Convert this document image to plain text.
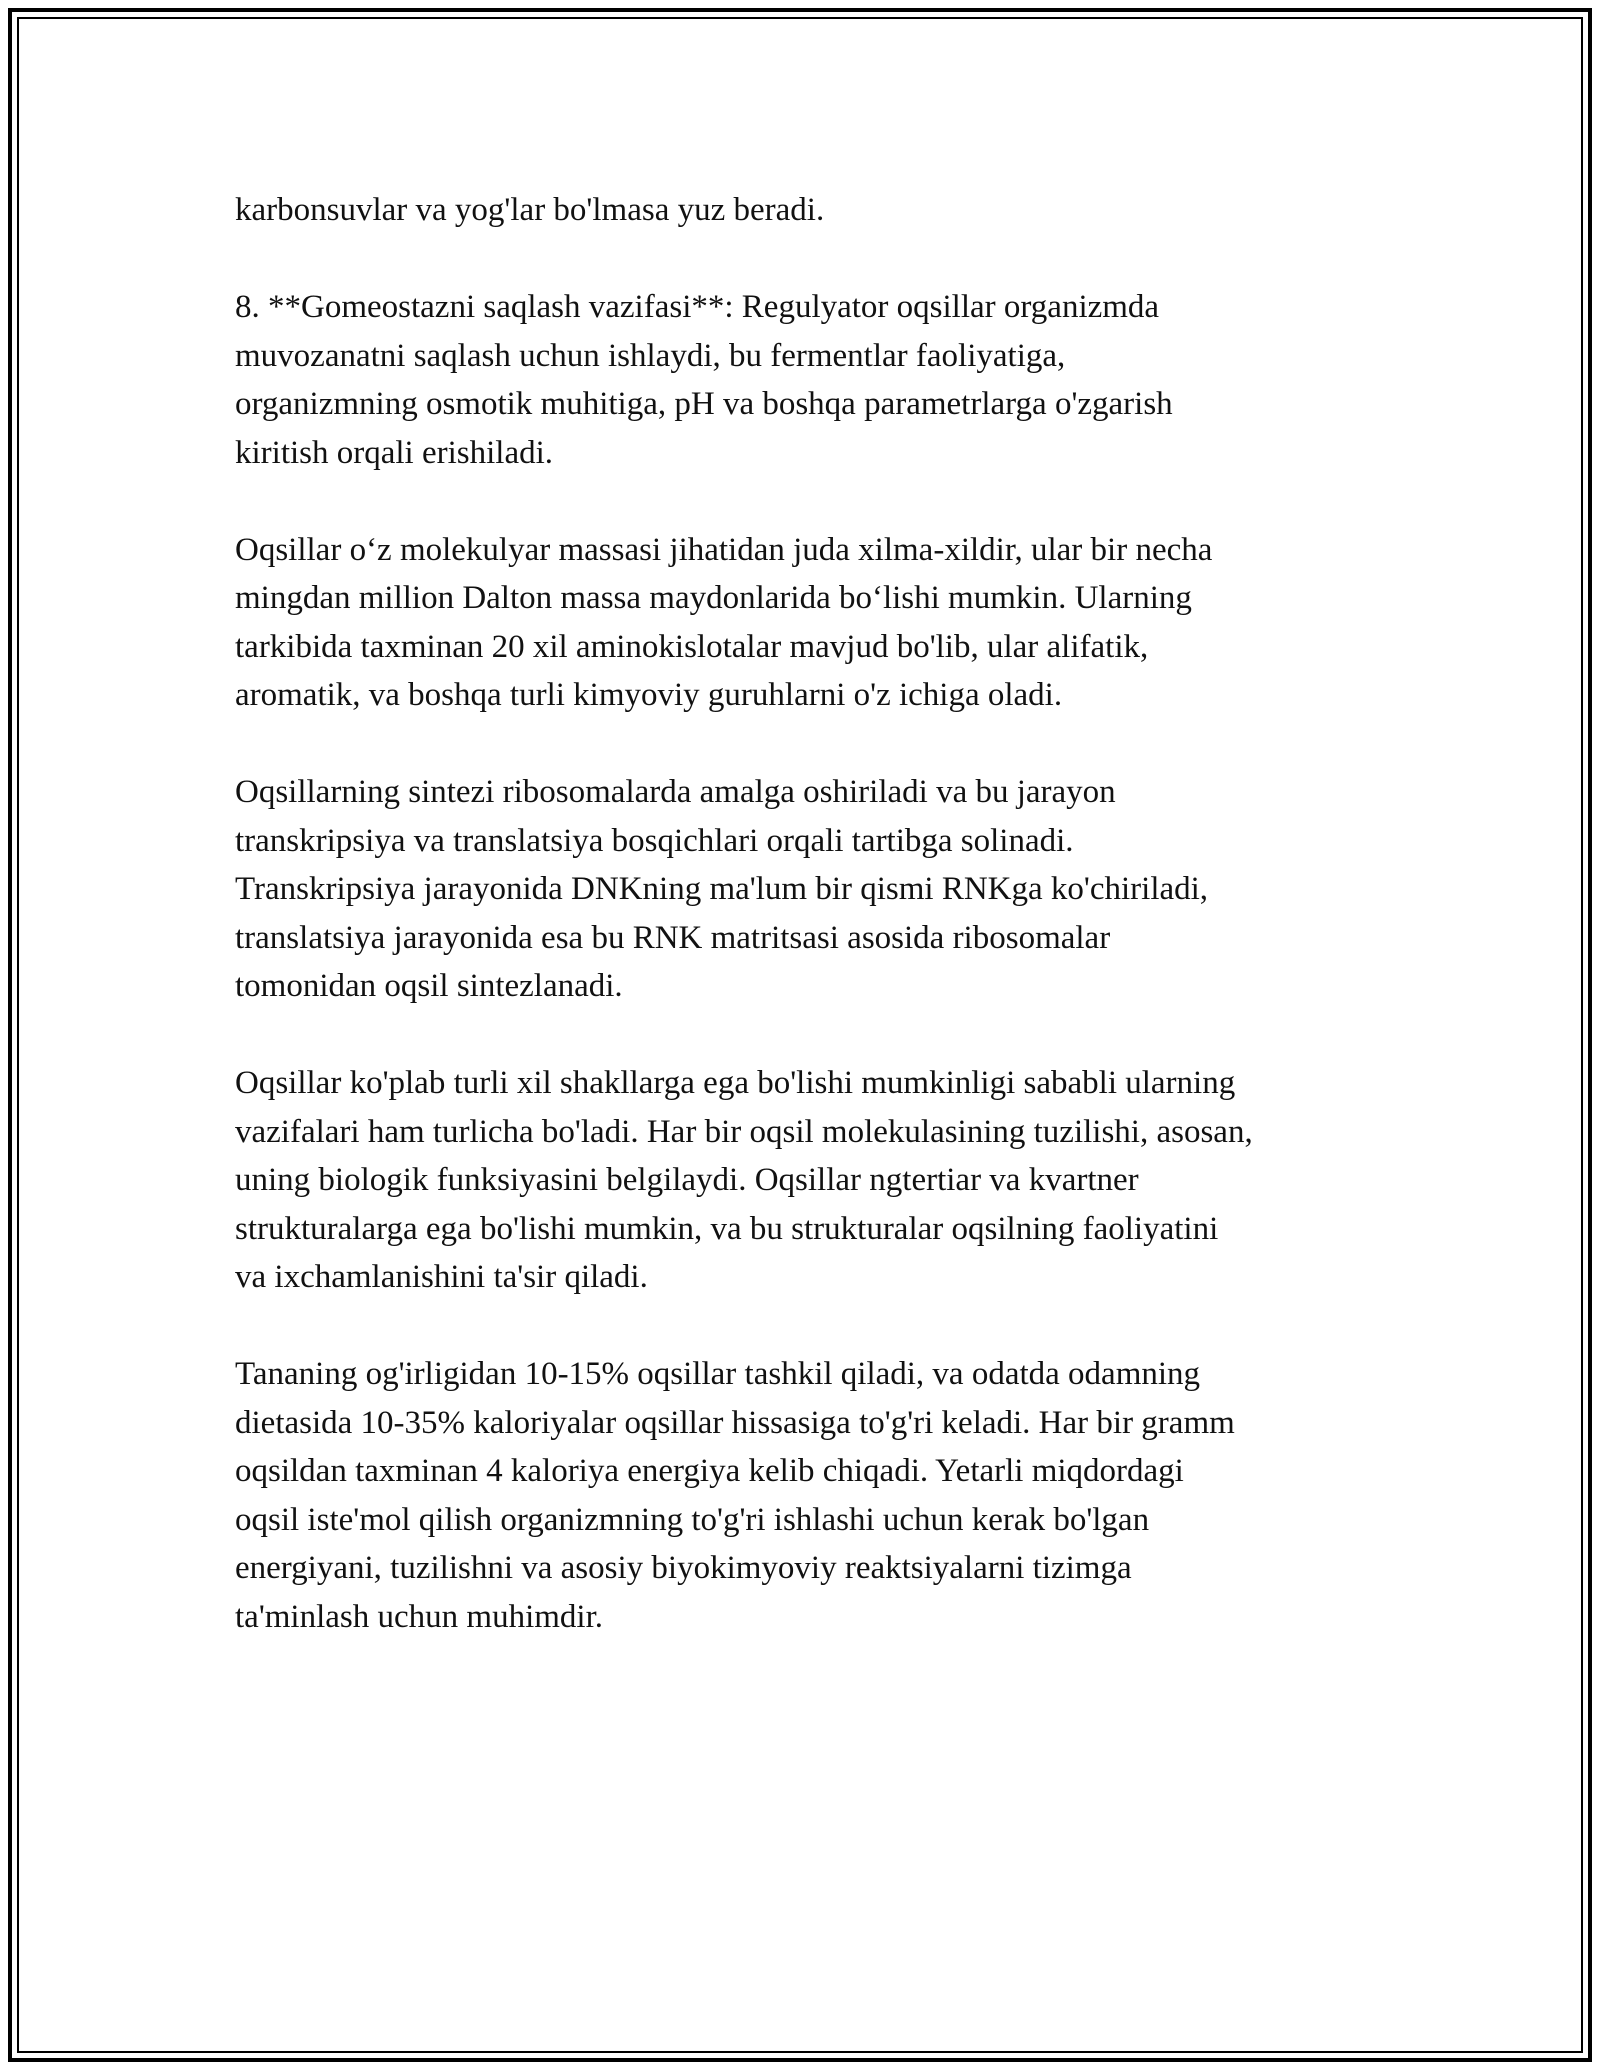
karbonsuvlar va yog'lar bo'lmasa yuz beradi.

8. **Gomeostazni saqlash vazifasi**: Regulyator oqsillar organizmda
muvozanatni saqlash uchun ishlaydi, bu fermentlar faoliyatiga,
organizmning osmotik muhitiga, pH va boshqa parametrlarga o'zgarish
kiritish orqali erishiladi.

Oqsillar o‘z molekulyar massasi jihatidan juda xilma-xildir, ular bir necha
mingdan million Dalton massa maydonlarida bo‘lishi mumkin. Ularning
tarkibida taxminan 20 xil aminokislotalar mavjud bo'lib, ular alifatik,
aromatik, va boshqa turli kimyoviy guruhlarni o'z ichiga oladi.

Oqsillarning sintezi ribosomalarda amalga oshiriladi va bu jarayon
transkripsiya va translatsiya bosqichlari orqali tartibga solinadi.
Transkripsiya jarayonida DNKning ma'lum bir qismi RNKga ko'chiriladi,
translatsiya jarayonida esa bu RNK matritsasi asosida ribosomalar
tomonidan oqsil sintezlanadi.

Oqsillar ko'plab turli xil shakllarga ega bo'lishi mumkinligi sababli ularning
vazifalari ham turlicha bo'ladi. Har bir oqsil molekulasining tuzilishi, asosan,
uning biologik funksiyasini belgilaydi. Oqsillar ngtertiar va kvartner
strukturalarga ega bo'lishi mumkin, va bu strukturalar oqsilning faoliyatini
va ixchamlanishini ta'sir qiladi.

Tananing og'irligidan 10-15% oqsillar tashkil qiladi, va odatda odamning
dietasida 10-35% kaloriyalar oqsillar hissasiga to'g'ri keladi. Har bir gramm
oqsildan taxminan 4 kaloriya energiya kelib chiqadi. Yetarli miqdordagi
oqsil iste'mol qilish organizmning to'g'ri ishlashi uchun kerak bo'lgan
energiyani, tuzilishni va asosiy biyokimyoviy reaktsiyalarni tizimga
ta'minlash uchun muhimdir.
